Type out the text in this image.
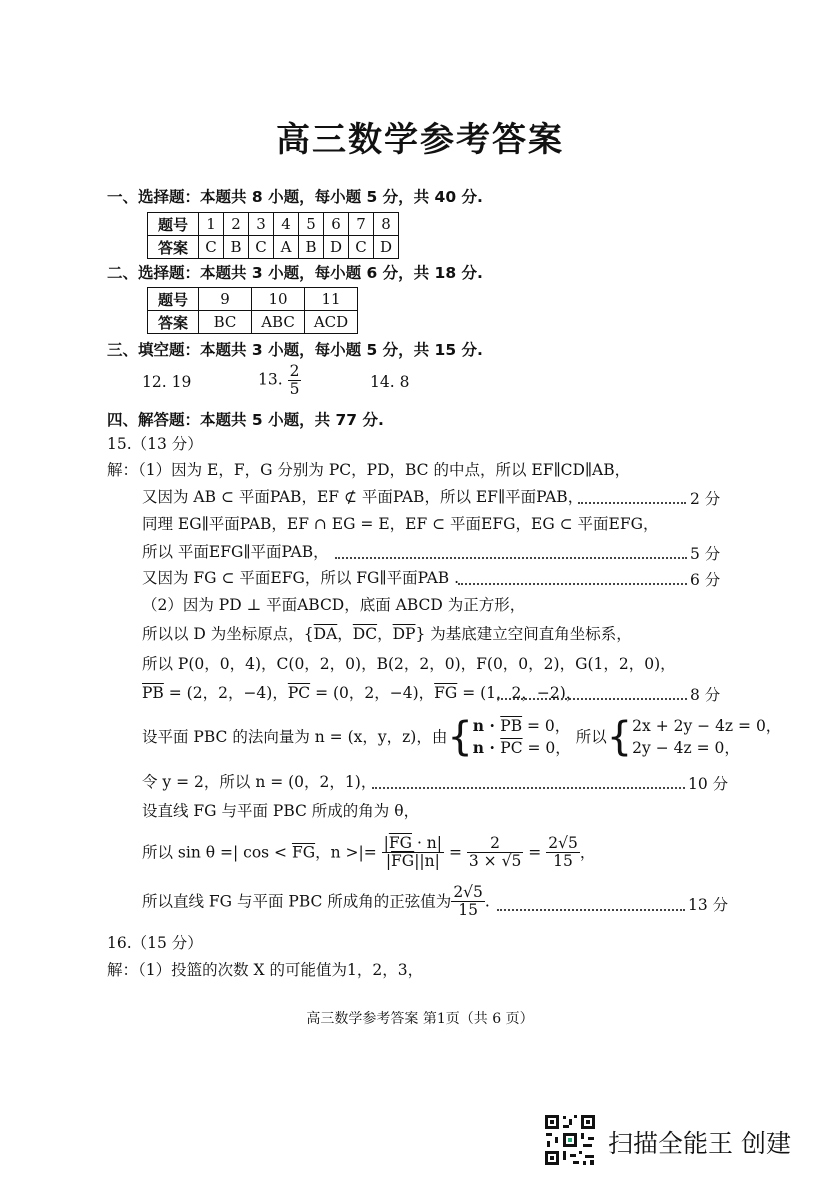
高三数学参考答案
一、选择题：本题共 8 小题，每小题 5 分，共 40 分.
题号	1	2	3	4	5	6	7	8
答案	C	B	C	A	B	D	C	D
二、选择题：本题共 3 小题，每小题 6 分，共 18 分.
题号	9	10	11
答案	BC	ABC	ACD
三、填空题：本题共 3 小题，每小题 5 分，共 15 分.
12. 19	13. $\frac{2}{5}$	14. 8
四、解答题：本题共 5 小题，共 77 分.
15.（13 分）
解：（1）因为 E，F，G 分别为 PC，PD，BC 的中点，所以 EF∥CD∥AB，
又因为 AB ⊂ 平面PAB，EF ⊄ 平面PAB，所以 EF∥平面PAB，	2 分
同理 EG∥平面PAB，EF ∩ EG = E，EF ⊂ 平面EFG，EG ⊂ 平面EFG，
所以 平面EFG∥平面PAB，	5 分
又因为 FG ⊂ 平面EFG，所以 FG∥平面PAB .	6 分
（2）因为 PD ⊥ 平面ABCD，底面 ABCD 为正方形，
所以以 D 为坐标原点，{$\overline{DA}$，$\overline{DC}$，$\overline{DP}$} 为基底建立空间直角坐标系，
所以 P(0，0，4)，C(0，2，0)，B(2，2，0)，F(0，0，2)，G(1，2，0)，
$\overline{PB} = (2$，2，−4)，$\overline{PC} = (0$，2，−4)，$\overline{FG} = (1$，2，−2)，	8 分
设平面 PBC 的法向量为 n = (x，y，z)，由{ $n \cdot \overline{PB} = 0$，
$n \cdot \overline{PC} = 0$，
所以{ 2x + 2y − 4z = 0，
2y − 4z = 0，
令 y = 2，所以 n = (0，2，1)，	10 分
设直线 FG 与平面 PBC 所成的角为 θ，
所以 sin θ =| $\cos < \overline{FG}$，n >|= $\frac{|\overline{FG} \cdot n|}{|\overline{FG}||n|} = \frac{2}{3 \times √5} = \frac{2√5}{15}$ ，
所以直线 FG 与平面 PBC 所成角的正弦值为 $\frac{2√5}{15}$ .	13 分
16.（15 分）
解：（1）投篮的次数 X 的可能值为1，2，3，
高三数学参考答案 第1页（共 6 页）
扫描全能王 创建
